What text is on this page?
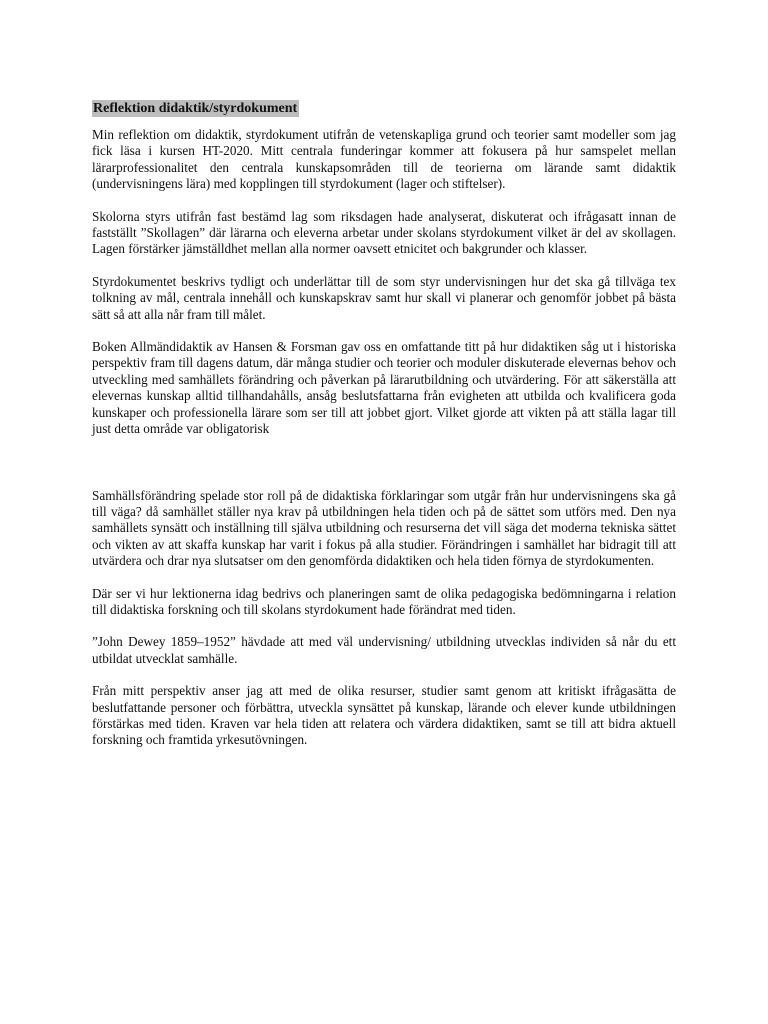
Reflektion didaktik/styrdokument

Min reflektion om didaktik, styrdokument utifrån de vetenskapliga grund och teorier samt modeller som jag fick läsa i kursen HT-2020. Mitt centrala funderingar kommer att fokusera på hur samspelet mellan lärarprofessionalitet den centrala kunskapsområden till de teorierna om lärande samt didaktik (undervisningens lära) med kopplingen till styrdokument (lager och stiftelser).

Skolorna styrs utifrån fast bestämd lag som riksdagen hade analyserat, diskuterat och ifrågasatt innan de fastställt ”Skollagen” där lärarna och eleverna arbetar under skolans styrdokument vilket är del av skollagen. Lagen förstärker jämställdhet mellan alla normer oavsett etnicitet och bakgrunder och klasser.

Styrdokumentet beskrivs tydligt och underlättar till de som styr undervisningen hur det ska gå tillväga tex tolkning av mål, centrala innehåll och kunskapskrav samt hur skall vi planerar och genomför jobbet på bästa sätt så att alla når fram till målet.

Boken Allmändidaktik av Hansen & Forsman gav oss en omfattande titt på hur didaktiken såg ut i historiska perspektiv fram till dagens datum, där många studier och teorier och moduler diskuterade elevernas behov och utveckling med samhällets förändring och påverkan på lärarutbildning och utvärdering. För att säkerställa att elevernas kunskap alltid tillhandahålls, ansåg beslutsfattarna från evigheten att utbilda och kvalificera goda kunskaper och professionella lärare som ser till att jobbet gjort. Vilket gjorde att vikten på att ställa lagar till just detta område var obligatorisk

Samhällsförändring spelade stor roll på de didaktiska förklaringar som utgår från hur undervisningens ska gå till väga? då samhället ställer nya krav på utbildningen hela tiden och på de sättet som utförs med. Den nya samhällets synsätt och inställning till själva utbildning och resurserna det vill säga det moderna tekniska sättet och vikten av att skaffa kunskap har varit i fokus på alla studier. Förändringen i samhället har bidragit till att utvärdera och drar nya slutsatser om den genomförda didaktiken och hela tiden förnya de styrdokumenten.

Där ser vi hur lektionerna idag bedrivs och planeringen samt de olika pedagogiska bedömningarna i relation till didaktiska forskning och till skolans styrdokument hade förändrat med tiden.

”John Dewey 1859–1952” hävdade att med väl undervisning/ utbildning utvecklas individen så når du ett utbildat utvecklat samhälle.

Från mitt perspektiv anser jag att med de olika resurser, studier samt genom att kritiskt ifrågasätta de beslutfattande personer och förbättra, utveckla synsättet på kunskap, lärande och elever kunde utbildningen förstärkas med tiden. Kraven var hela tiden att relatera och värdera didaktiken, samt se till att bidra aktuell forskning och framtida yrkesutövningen.
